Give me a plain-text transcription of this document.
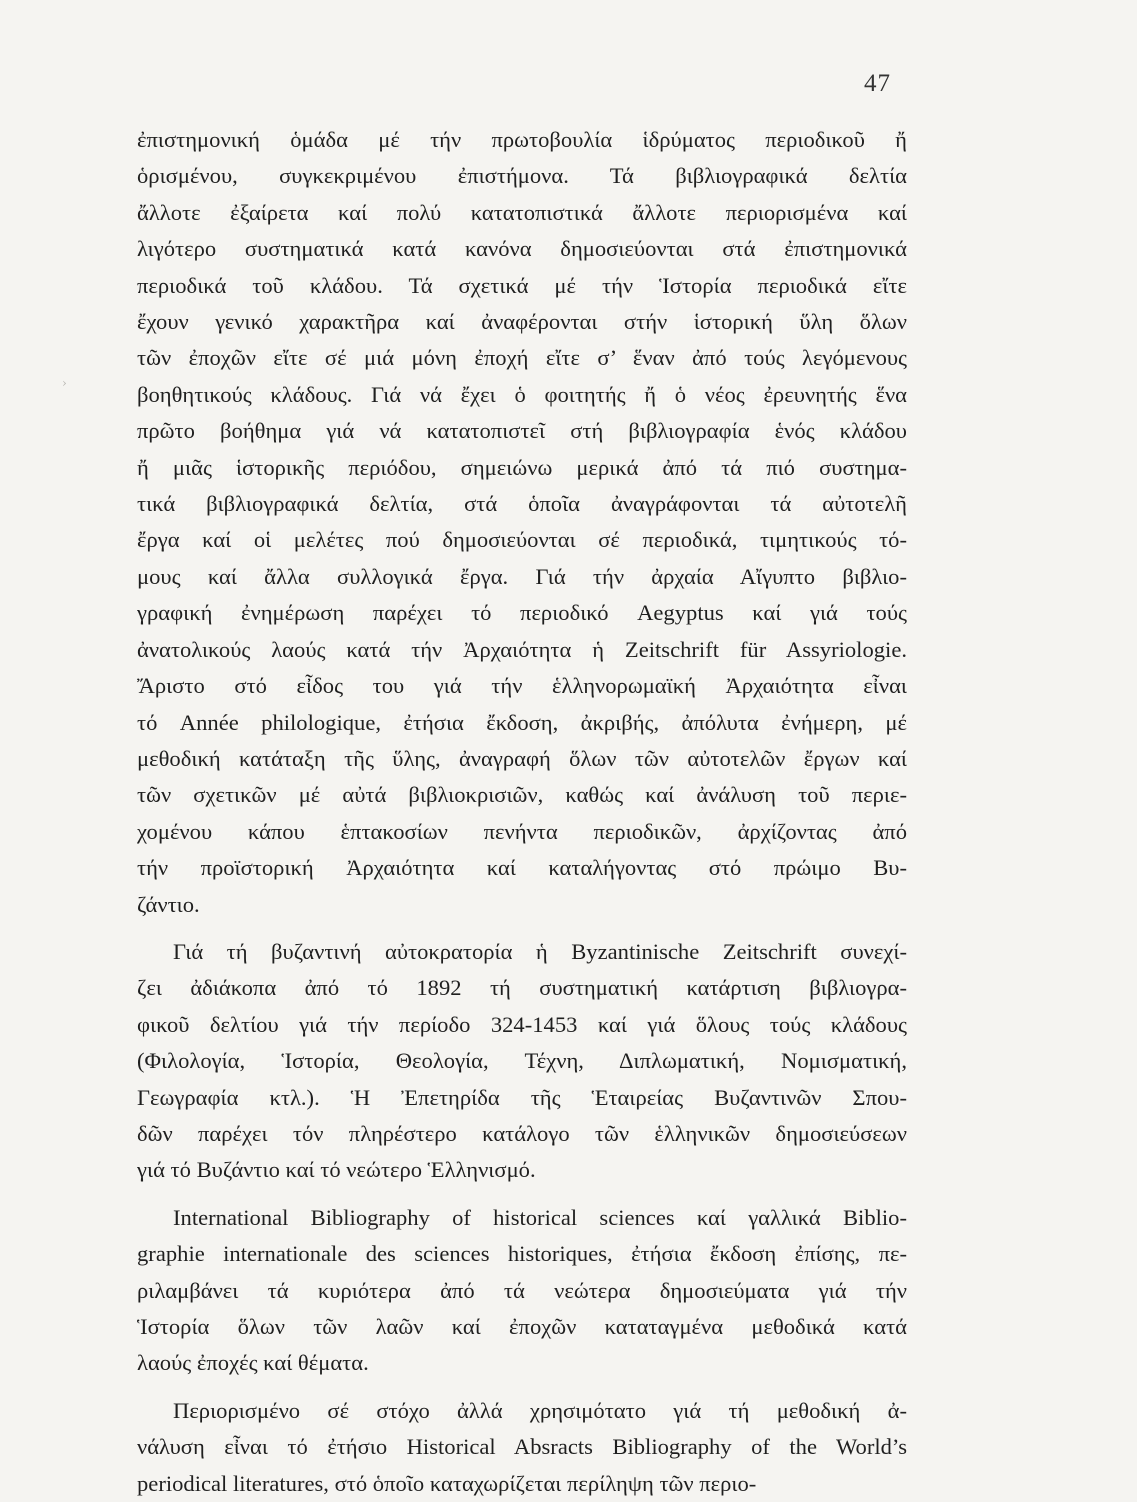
47
›
ἐπιστημονική ὁμάδα μέ τήν πρωτοβουλία ἱδρύματος περιοδικοῦ ἤ
ὁρισμένου, συγκεκριμένου ἐπιστήμονα. Τά βιβλιογραφικά δελτία
ἄλλοτε ἐξαίρετα καί πολύ κατατοπιστικά ἄλλοτε περιορισμένα καί
λιγότερο συστηματικά κατά κανόνα δημοσιεύονται στά ἐπιστημονικά
περιοδικά τοῦ κλάδου. Τά σχετικά μέ τήν Ἱστορία περιοδικά εἴτε
ἔχουν γενικό χαρακτῆρα καί ἀναφέρονται στήν ἱστορική ὕλη ὅλων
τῶν ἐποχῶν εἴτε σέ μιά μόνη ἐποχή εἴτε σ’ ἕναν ἀπό τούς λεγόμενους
βοηθητικούς κλάδους. Γιά νά ἔχει ὁ φοιτητής ἤ ὁ νέος ἐρευνητής ἕνα
πρῶτο βοήθημα γιά νά κατατοπιστεῖ στή βιβλιογραφία ἑνός κλάδου
ἤ μιᾶς ἱστορικῆς περιόδου, σημειώνω μερικά ἀπό τά πιό συστημα-
τικά βιβλιογραφικά δελτία, στά ὁποῖα ἀναγράφονται τά αὐτοτελῆ
ἔργα καί οἱ μελέτες πού δημοσιεύονται σέ περιοδικά, τιμητικούς τό-
μους καί ἄλλα συλλογικά ἔργα. Γιά τήν ἀρχαία Αἴγυπτο βιβλιο-
γραφική ἐνημέρωση παρέχει τό περιοδικό Aegyptus καί γιά τούς
ἀνατολικούς λαούς κατά τήν Ἀρχαιότητα ἡ Zeitschrift für Assyriologie.
Ἄριστο στό εἶδος του γιά τήν ἑλληνορωμαϊκή Ἀρχαιότητα εἶναι
τό Année philologique, ἐτήσια ἔκδοση, ἀκριβής, ἀπόλυτα ἐνήμερη, μέ
μεθοδική κατάταξη τῆς ὕλης, ἀναγραφή ὅλων τῶν αὐτοτελῶν ἔργων καί
τῶν σχετικῶν μέ αὐτά βιβλιοκρισιῶν, καθώς καί ἀνάλυση τοῦ περιε-
χομένου κάπου ἑπτακοσίων πενήντα περιοδικῶν, ἀρχίζοντας ἀπό
τήν προϊστορική Ἀρχαιότητα καί καταλήγοντας στό πρώιμο Βυ-
ζάντιο.
Γιά τή βυζαντινή αὐτοκρατορία ἡ Byzantinische Zeitschrift συνεχί-
ζει ἀδιάκοπα ἀπό τό 1892 τή συστηματική κατάρτιση βιβλιογρα-
φικοῦ δελτίου γιά τήν περίοδο 324-1453 καί γιά ὅλους τούς κλάδους
(Φιλολογία, Ἱστορία, Θεολογία, Τέχνη, Διπλωματική, Νομισματική,
Γεωγραφία κτλ.). Ἡ Ἐπετηρίδα τῆς Ἑταιρείας Βυζαντινῶν Σπου-
δῶν παρέχει τόν πληρέστερο κατάλογο τῶν ἑλληνικῶν δημοσιεύσεων
γιά τό Βυζάντιο καί τό νεώτερο Ἑλληνισμό.
International Bibliography of historical sciences καί γαλλικά Biblio-
graphie internationale des sciences historiques, ἐτήσια ἔκδοση ἐπίσης, πε-
ριλαμβάνει τά κυριότερα ἀπό τά νεώτερα δημοσιεύματα γιά τήν
Ἱστορία ὅλων τῶν λαῶν καί ἐποχῶν καταταγμένα μεθοδικά κατά
λαούς ἐποχές καί θέματα.
Περιορισμένο σέ στόχο ἀλλά χρησιμότατο γιά τή μεθοδική ἀ-
νάλυση εἶναι τό ἐτήσιο Historical Absracts Bibliography of the World’s
periodical literatures, στό ὁποῖο καταχωρίζεται περίληψη τῶν περιο-
